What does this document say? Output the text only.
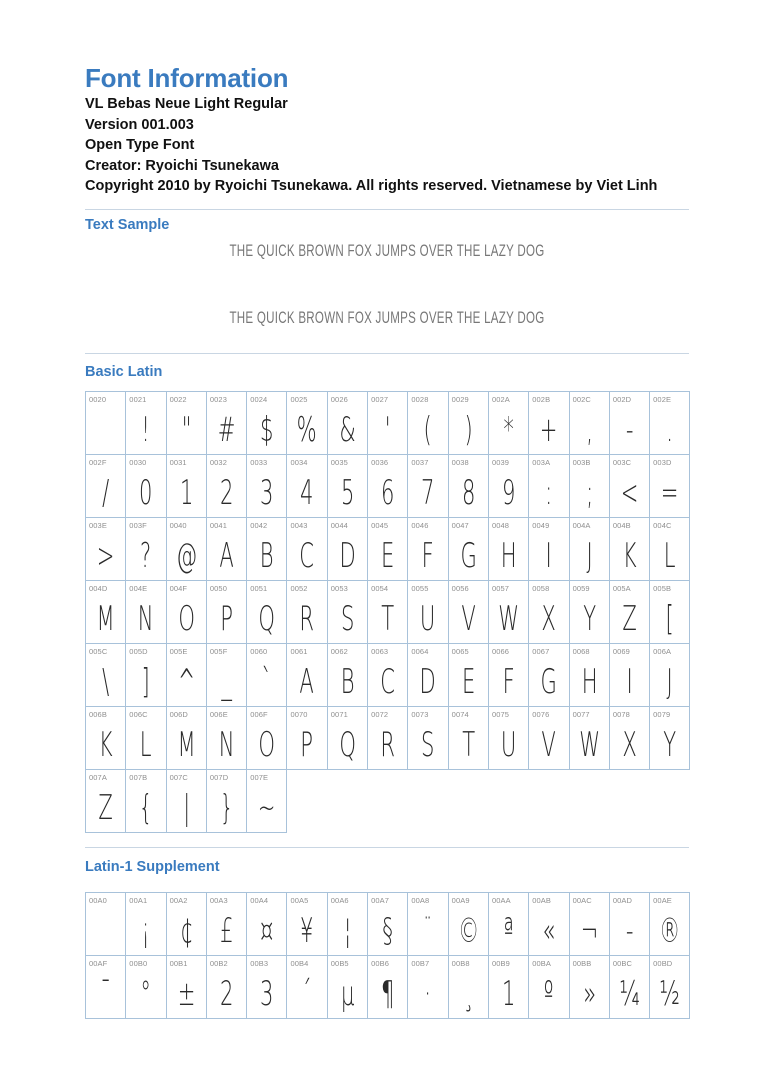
Font Information
VL Bebas Neue Light Regular
Version 001.003
Open Type Font
Creator: Ryoichi Tsunekawa
Copyright 2010 by Ryoichi Tsunekawa. All rights reserved. Vietnamese by Viet Linh
Text Sample
THE QUICK BROWN FOX JUMPS OVER THE LAZY DOG
THE QUICK BROWN FOX JUMPS OVER THE LAZY DOG
Basic Latin
0020	0021
!
0022
"
0023
#
0024
$
0025
%
0026
&
0027
'
0028
(
0029
)
002A
*
002B
+
002C
,
002D
-
002E
.
002F
/
0030
0
0031
1
0032
2
0033
3
0034
4
0035
5
0036
6
0037
7
0038
8
0039
9
003A
:
003B
;
003C
<
003D
=
003E
>
003F
?
0040
@
0041
A
0042
B
0043
C
0044
D
0045
E
0046
F
0047
G
0048
H
0049
I
004A
J
004B
K
004C
L
004D
M
004E
N
004F
O
0050
P
0051
Q
0052
R
0053
S
0054
T
0055
U
0056
V
0057
W
0058
X
0059
Y
005A
Z
005B
[
005C
\
005D
]
005E
^
005F
_
0060
`
0061
A
0062
B
0063
C
0064
D
0065
E
0066
F
0067
G
0068
H
0069
I
006A
J
006B
K
006C
L
006D
M
006E
N
006F
O
0070
P
0071
Q
0072
R
0073
S
0074
T
0075
U
0076
V
0077
W
0078
X
0079
Y
007A
Z
007B
{
007C
|
007D
}
007E
~
Latin-1 Supplement
00A0	00A1
¡
00A2
¢
00A3
£
00A4
¤
00A5
¥
00A6
¦
00A7
§
00A8
¨
00A9
©
00AA
ª
00AB
«
00AC
¬
00AD
-
00AE
®
00AF
¯
00B0
°
00B1
±
00B2
2
00B3
3
00B4
´
00B5
µ
00B6
¶
00B7
·
00B8
¸
00B9
1
00BA
º
00BB
»
00BC
¼
00BD
½
